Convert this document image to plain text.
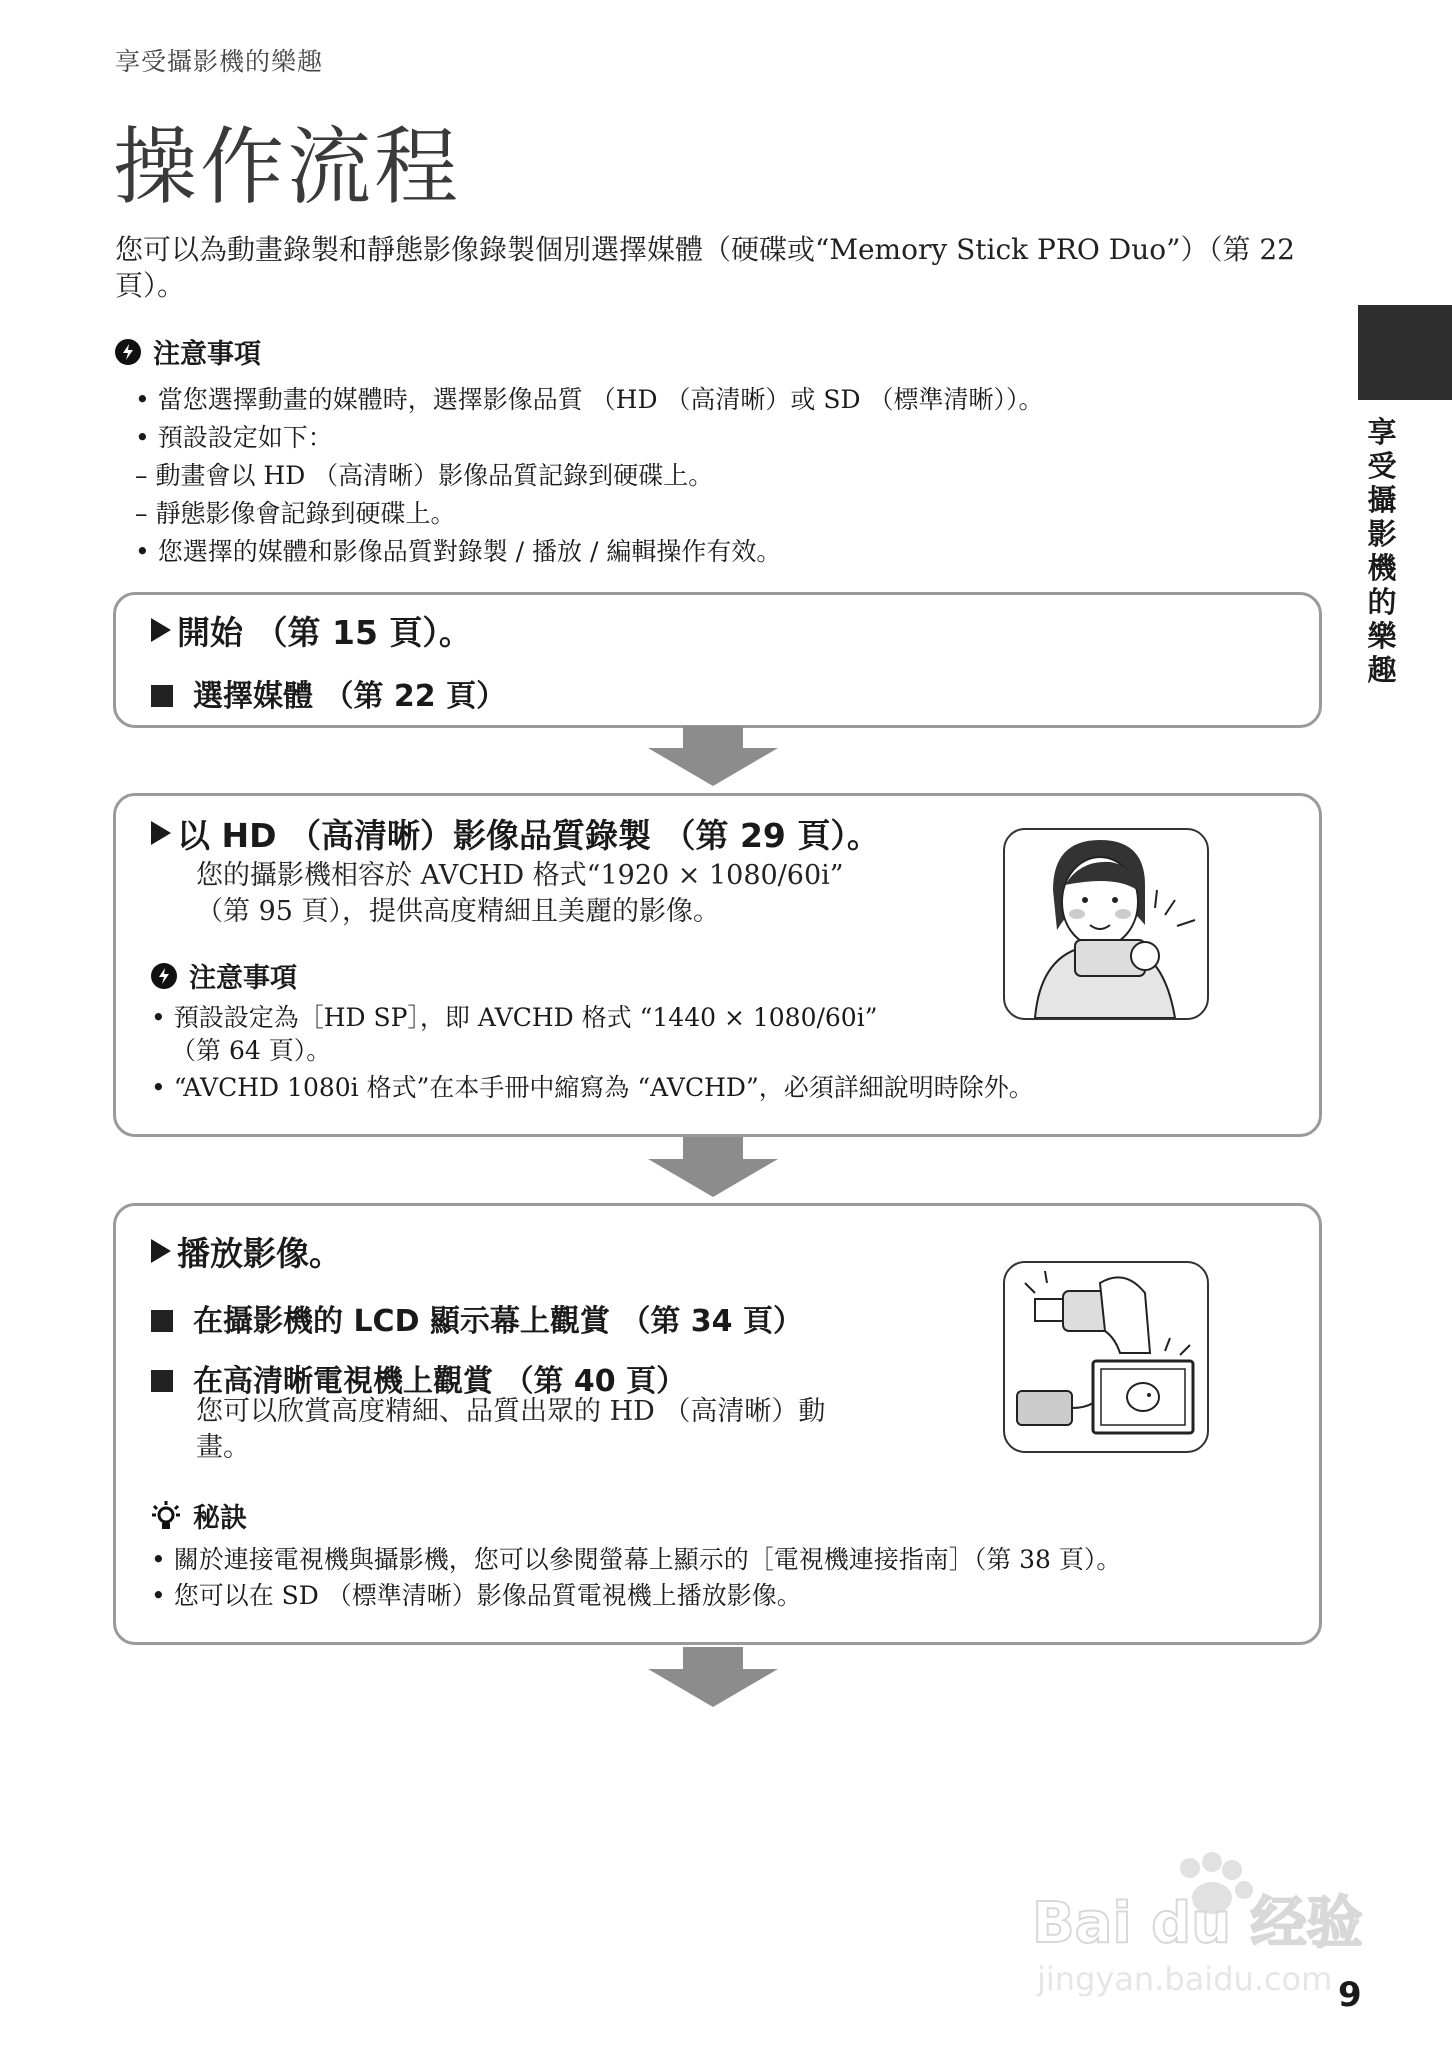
享受攝影機的樂趣
操作流程
您可以為動畫錄製和靜態影像錄製個別選擇媒體（硬碟或“Memory Stick PRO Duo”）（第 22 頁）。
注意事項
• 當您選擇動畫的媒體時，選擇影像品質 （HD （高清晰）或 SD （標準清晰））。
• 預設設定如下：
– 動畫會以 HD （高清晰）影像品質記錄到硬碟上。
– 靜態影像會記錄到硬碟上。
• 您選擇的媒體和影像品質對錄製 / 播放 / 編輯操作有效。
開始 （第 15 頁）。
選擇媒體 （第 22 頁）
以 HD （高清晰）影像品質錄製 （第 29 頁）。
您的攝影機相容於 AVCHD 格式“1920 × 1080/60i”
（第 95 頁），提供高度精細且美麗的影像。
注意事項
• 預設設定為［HD SP］，即 AVCHD 格式 “1440 × 1080/60i”
（第 64 頁）。
• “AVCHD 1080i 格式”在本手冊中縮寫為 “AVCHD”，必須詳細說明時除外。
播放影像。
在攝影機的 LCD 顯示幕上觀賞 （第 34 頁）
在高清晰電視機上觀賞 （第 40 頁）
您可以欣賞高度精細、品質出眾的 HD （高清晰）動
畫。
秘訣
• 關於連接電視機與攝影機，您可以參閱螢幕上顯示的［電視機連接指南］（第 38 頁）。
• 您可以在 SD （標準清晰）影像品質電視機上播放影像。
享
受
攝
影
機
的
樂
趣
Bai du 经验
jingyan.baidu.com 9
